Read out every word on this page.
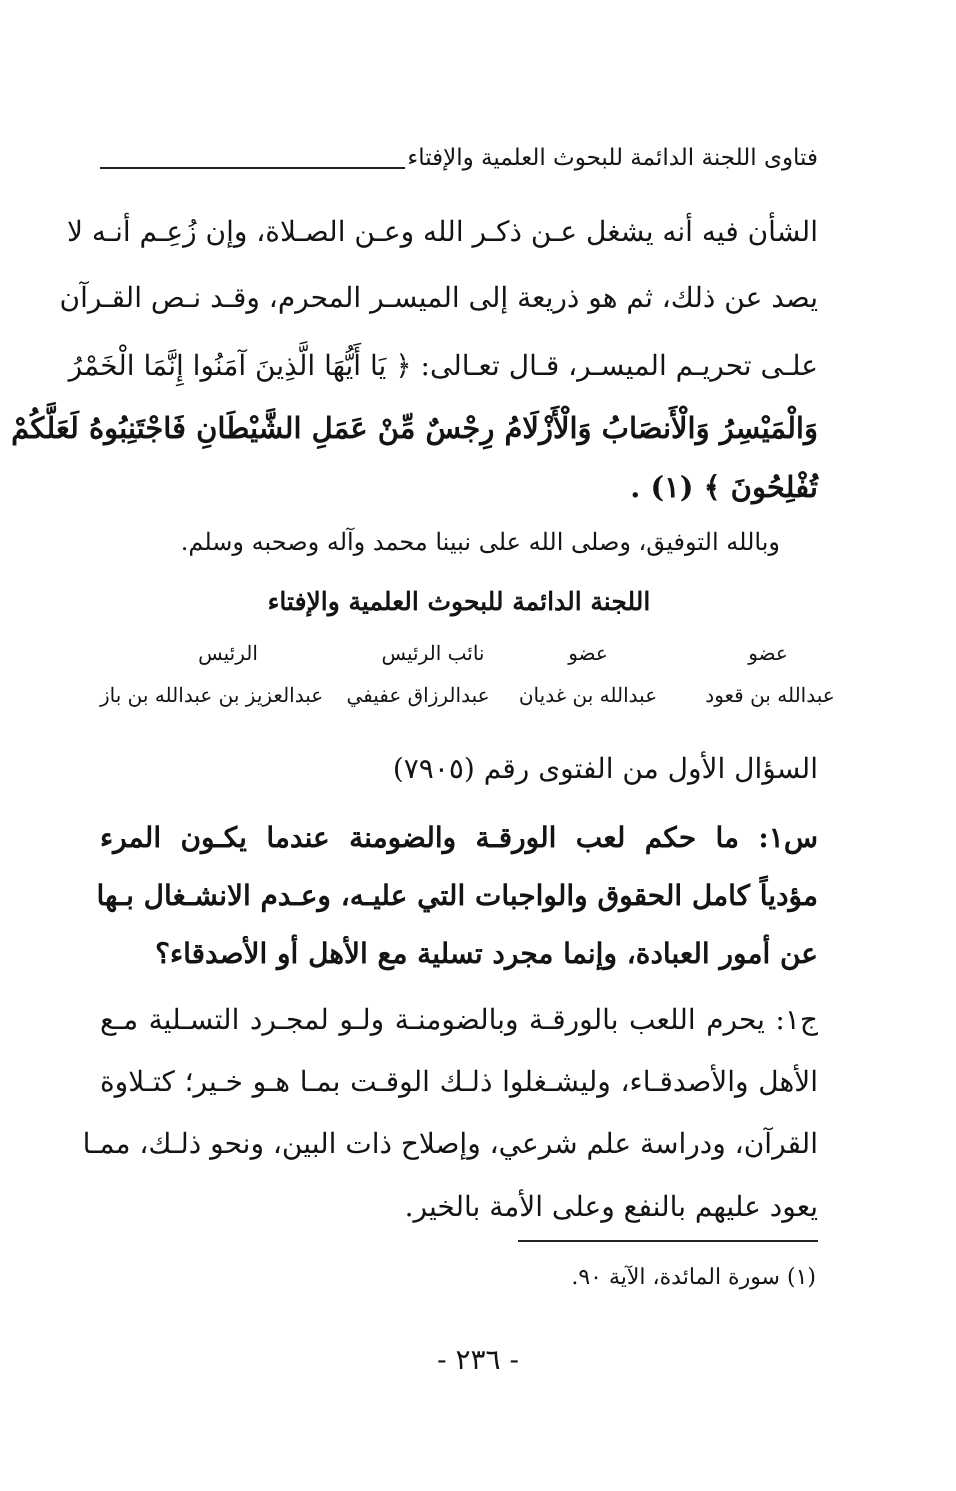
فتاوى اللجنة الدائمة للبحوث العلمية والإفتاء
الشأن فيه أنه يشغل عـن ذكـر الله وعـن الصـلاة، وإن زُعِـم أنـه لا
يصد عن ذلك، ثم هو ذريعة إلى الميسـر المحرم، وقـد نـص القـرآن
علـى تحريـم الميسـر، قـال تعـالى: ﴿ يَا أَيُّهَا الَّذِينَ آمَنُوا إِنَّمَا الْخَمْرُ
وَالْمَيْسِرُ وَالْأَنصَابُ وَالْأَزْلَامُ رِجْسٌ مِّنْ عَمَلِ الشَّيْطَانِ فَاجْتَنِبُوهُ لَعَلَّكُمْ
تُفْلِحُونَ ﴾ (١) .
وبالله التوفيق، وصلى الله على نبينا محمد وآله وصحبه وسلم.
اللجنة الدائمة للبحوث العلمية والإفتاء
عضو
عضو
نائب الرئيس
الرئيس
عبدالله بن قعود
عبدالله بن غديان
عبدالرزاق عفيفي
عبدالعزيز بن عبدالله بن باز
السؤال الأول من الفتوى رقم (٧٩٠٥)
س١: ما حكم لعب الورقـة والضومنة عندما يكـون المرء
مؤدياً كامل الحقوق والواجبات التي عليـه، وعـدم الانشـغال بـها
عن أمور العبادة، وإنما مجرد تسلية مع الأهل أو الأصدقاء؟
ج١: يحرم اللعب بالورقـة وبالضومنـة ولـو لمجـرد التسـلية مـع
الأهل والأصدقـاء، وليشـغلوا ذلـك الوقـت بمـا هـو خـير؛ كتـلاوة
القرآن، ودراسة علم شرعي، وإصلاح ذات البين، ونحو ذلـك، ممـا
يعود عليهم بالنفع وعلى الأمة بالخير.
(١) سورة المائدة، الآية ٩٠.
- ٢٣٦ -
